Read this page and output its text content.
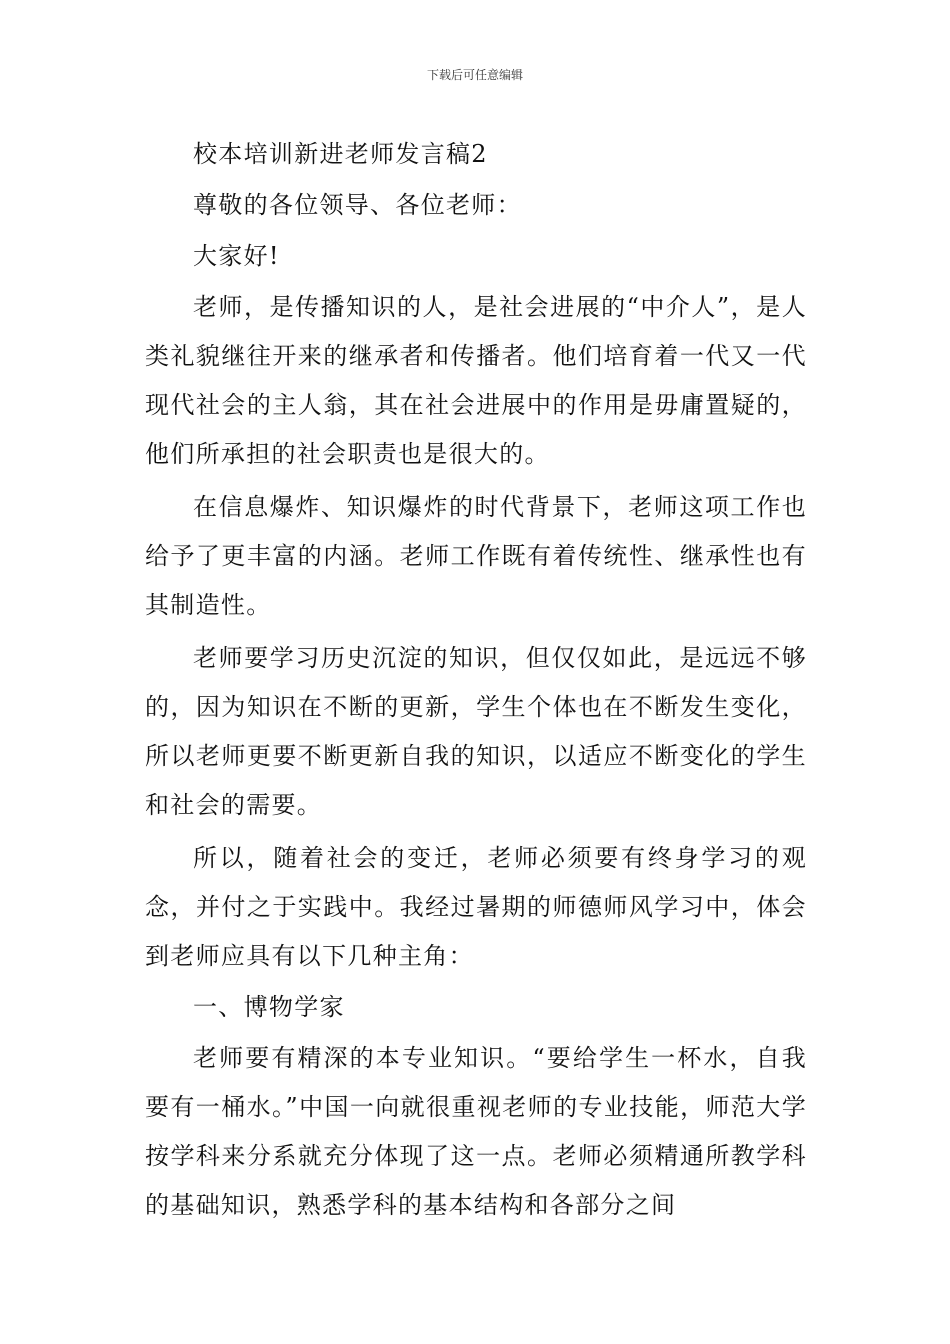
下载后可任意编辑

校本培训新进老师发言稿2

尊敬的各位领导、各位老师：

大家好!

老师，是传播知识的人，是社会进展的“中介人”，是人类礼貌继往开来的继承者和传播者。他们培育着一代又一代现代社会的主人翁，其在社会进展中的作用是毋庸置疑的，他们所承担的社会职责也是很大的。

在信息爆炸、知识爆炸的时代背景下，老师这项工作也给予了更丰富的内涵。老师工作既有着传统性、继承性也有其制造性。

老师要学习历史沉淀的知识，但仅仅如此，是远远不够的，因为知识在不断的更新，学生个体也在不断发生变化，所以老师更要不断更新自我的知识，以适应不断变化的学生和社会的需要。

所以，随着社会的变迁，老师必须要有终身学习的观念，并付之于实践中。我经过暑期的师德师风学习中，体会到老师应具有以下几种主角：

一、博物学家

老师要有精深的本专业知识。“要给学生一杯水，自我要有一桶水。”中国一向就很重视老师的专业技能，师范大学按学科来分系就充分体现了这一点。老师必须精通所教学科的基础知识，熟悉学科的基本结构和各部分之间
